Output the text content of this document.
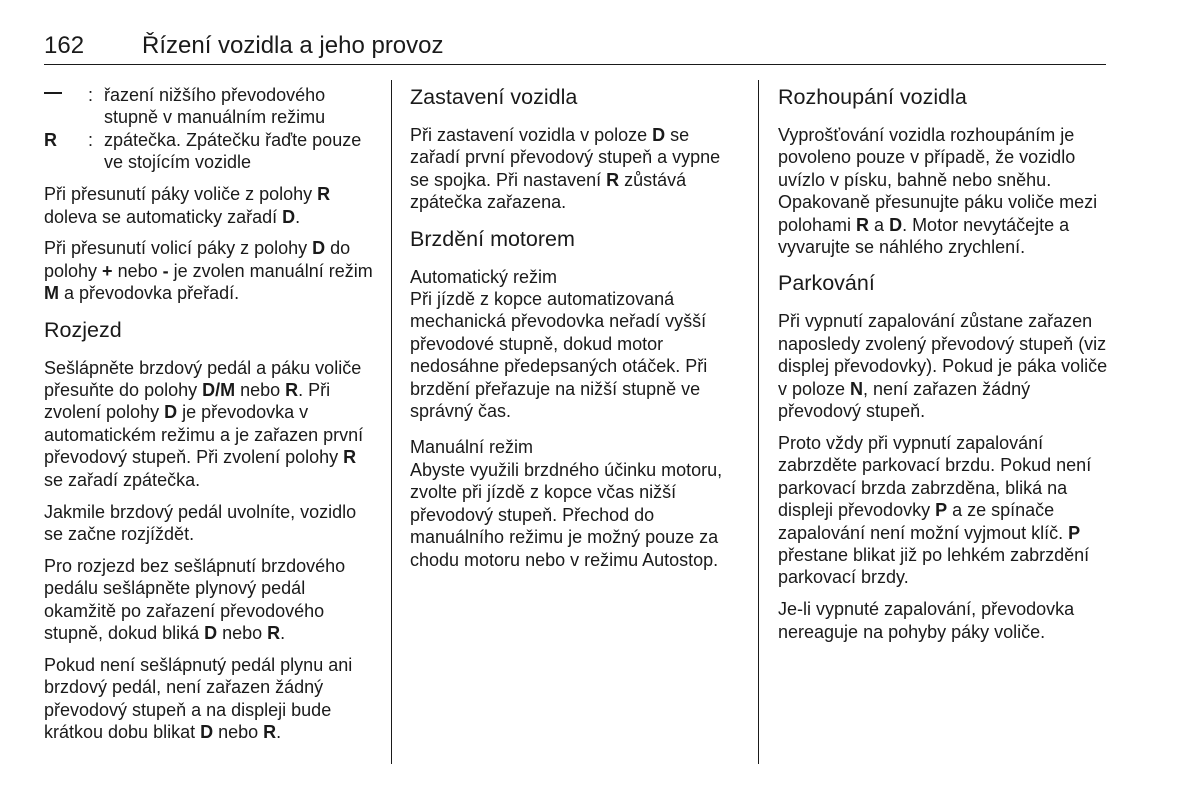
162 Řízení vozidla a jeho provoz
: řazení nižšího převodového stupně v manuálním režimu
R	: zpátečka. Zpátečku řaďte pouze ve stojícím vozidle

Při přesunutí páky voliče z polohy R doleva se automaticky zařadí D.

Při přesunutí volicí páky z polohy D do polohy + nebo - je zvolen manuální režim M a převodovka přeřadí.

Rozjezd

Sešlápněte brzdový pedál a páku voliče přesuňte do polohy D/M nebo R. Při zvolení polohy D je převodovka v automatickém režimu a je zařazen první převodový stupeň. Při zvolení polohy R se zařadí zpátečka.

Jakmile brzdový pedál uvolníte, vozidlo se začne rozjíždět.

Pro rozjezd bez sešlápnutí brzdového pedálu sešlápněte plynový pedál okamžitě po zařazení převodového stupně, dokud bliká D nebo R.

Pokud není sešlápnutý pedál plynu ani brzdový pedál, není zařazen žádný převodový stupeň a na displeji bude krátkou dobu blikat D nebo R.

Zastavení vozidla

Při zastavení vozidla v poloze D se zařadí první převodový stupeň a vypne se spojka. Při nastavení R zůstává zpátečka zařazena.

Brzdění motorem
Automatický režim

Při jízdě z kopce automatizovaná mechanická převodovka neřadí vyšší převodové stupně, dokud motor nedosáhne předepsaných otáček. Při brzdění přeřazuje na nižší stupně ve správný čas.

Manuální režim

Abyste využili brzdného účinku motoru, zvolte při jízdě z kopce včas nižší převodový stupeň. Přechod do manuálního režimu je možný pouze za chodu motoru nebo v režimu Autostop.

Rozhoupání vozidla

Vyprošťování vozidla rozhoupáním je povoleno pouze v případě, že vozidlo uvízlo v písku, bahně nebo sněhu. Opakovaně přesunujte páku voliče mezi polohami R a D. Motor nevytáčejte a vyvarujte se náhlého zrychlení.

Parkování

Při vypnutí zapalování zůstane zařazen naposledy zvolený převodový stupeň (viz displej převodovky). Pokud je páka voliče v poloze N, není zařazen žádný převodový stupeň.

Proto vždy při vypnutí zapalování zabrzděte parkovací brzdu. Pokud není parkovací brzda zabrzděna, bliká na displeji převodovky P a ze spínače zapalování není možní vyjmout klíč. P přestane blikat již po lehkém zabrzdění parkovací brzdy.

Je-li vypnuté zapalování, převodovka nereaguje na pohyby páky voliče.
